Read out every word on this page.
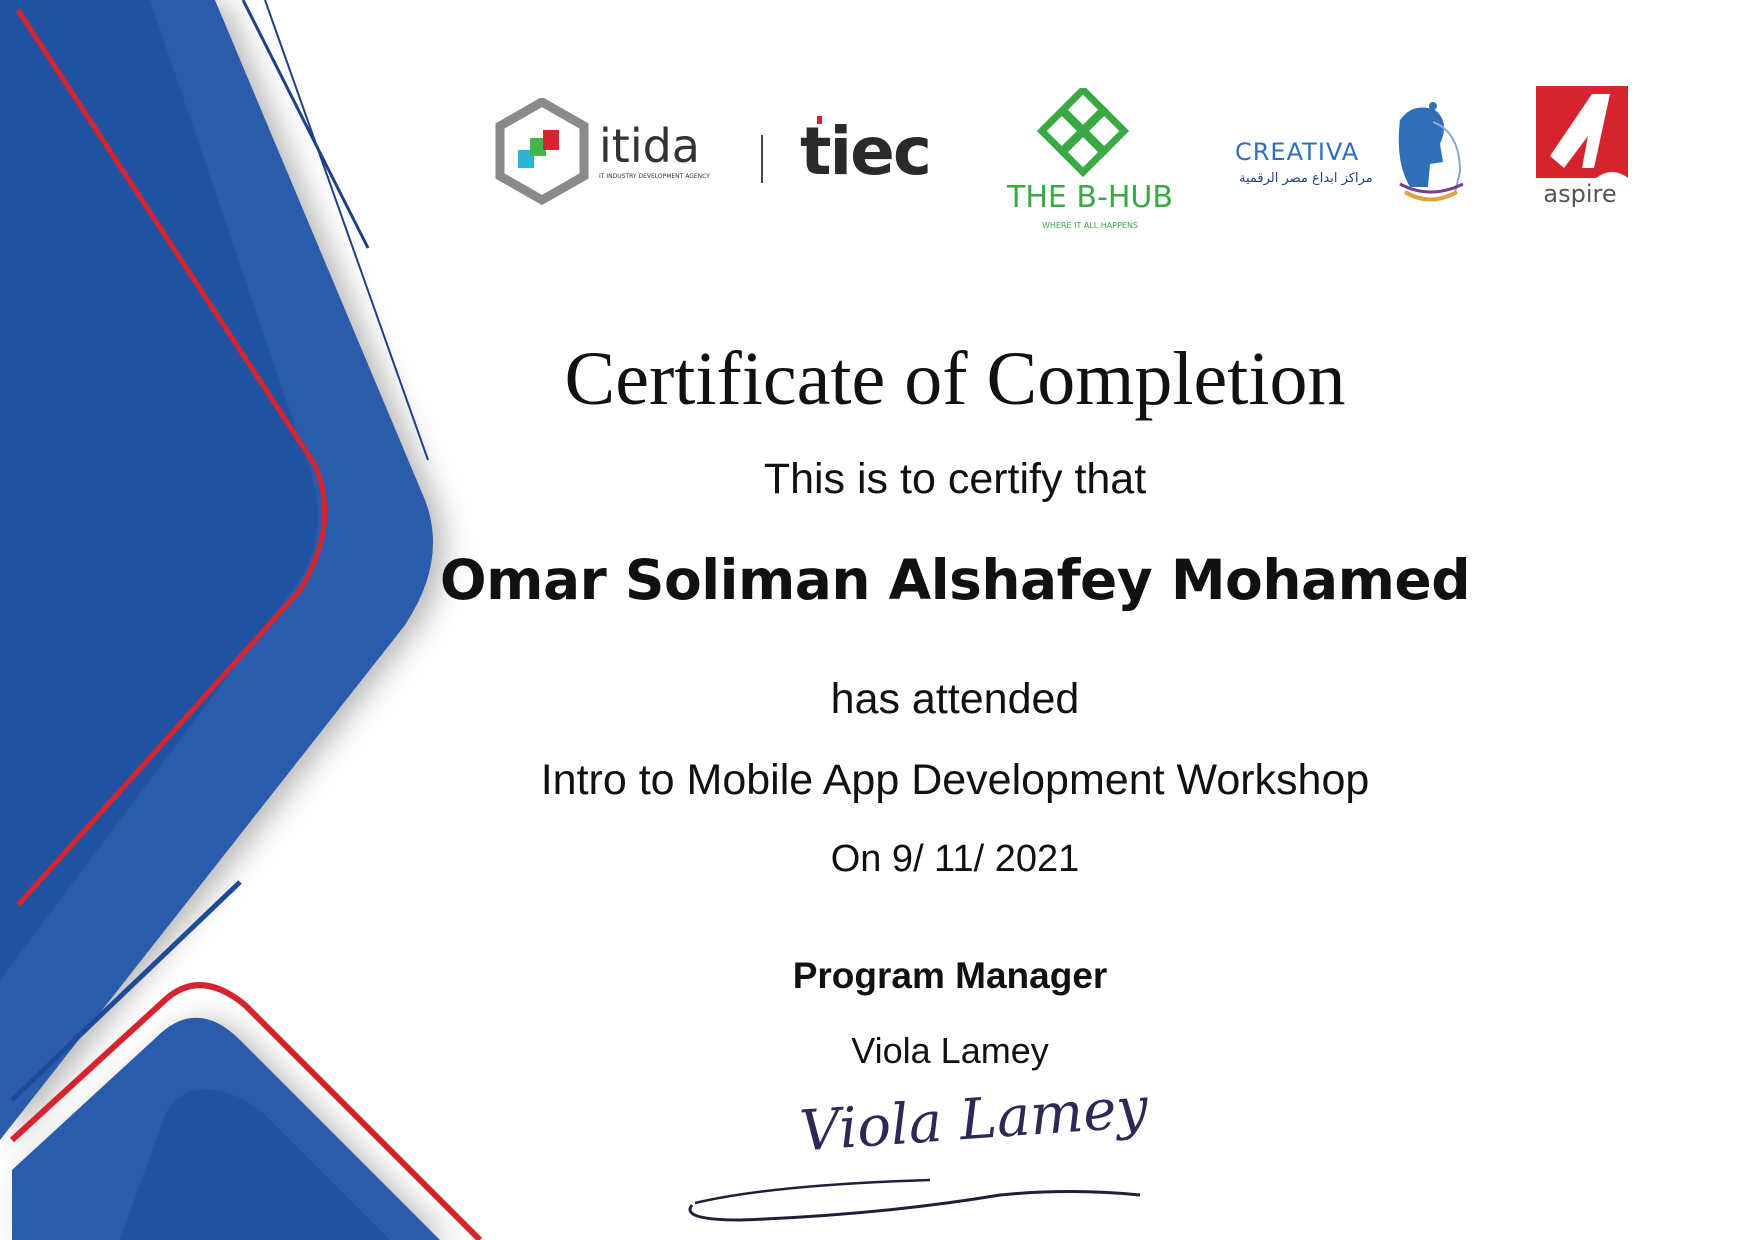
itida
IT INDUSTRY DEVELOPMENT AGENCY tiec
THE B-HUB
WHERE IT ALL HAPPENS
CREATIVA
مراكز ابداع مصر الرقمية
aspire
Certificate of Completion
This is to certify that
Omar Soliman Alshafey Mohamed
has attended
Intro to Mobile App Development Workshop
On 9/ 11/ 2021
Program Manager
Viola Lamey
Viola Lamey
